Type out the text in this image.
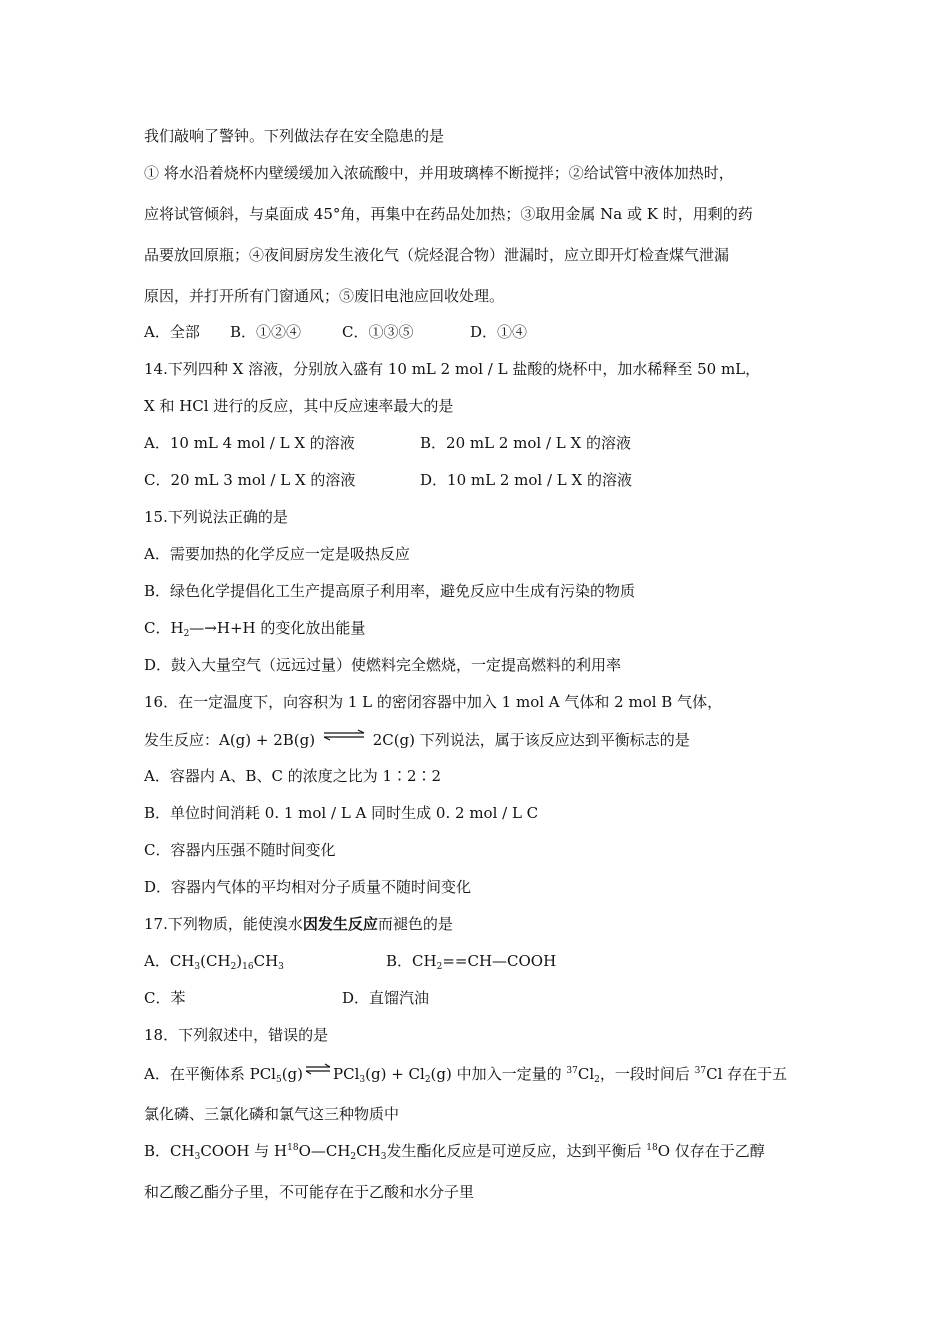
我们敲响了警钟。下列做法存在安全隐患的是
① 将水沿着烧杯内壁缓缓加入浓硫酸中，并用玻璃棒不断搅拌；②给试管中液体加热时，
应将试管倾斜，与桌面成 45°角，再集中在药品处加热；③取用金属 Na 或 K 时，用剩的药
品要放回原瓶；④夜间厨房发生液化气（烷烃混合物）泄漏时，应立即开灯检查煤气泄漏
原因，并打开所有门窗通风；⑤废旧电池应回收处理。
A．全部 B．①②④	C．①③⑤	D．①④
14.下列四种 X 溶液，分别放入盛有 10 mL 2 mol / L 盐酸的烧杯中，加水稀释至 50 mL，
X 和 HCl 进行的反应，其中反应速率最大的是
A．10 mL 4 mol / L X 的溶液	B．20 mL 2 mol / L X 的溶液
C．20 mL 3 mol / L X 的溶液	D．10 mL 2 mol / L X 的溶液
15.下列说法正确的是
A．需要加热的化学反应一定是吸热反应
B．绿色化学提倡化工生产提高原子利用率，避免反应中生成有污染的物质
C．$H_2—\to H+H$ 的变化放出能量
D．鼓入大量空气（远远过量）使燃料完全燃烧，一定提高燃料的利用率
16．在一定温度下，向容积为 1 L 的密闭容器中加入 1 mol A 气体和 2 mol B 气体，
发生反应：A(g) + 2B(g) ⇌ 2C(g) 下列说法，属于该反应达到平衡标志的是
A．容器内 A、B、C 的浓度之比为 1∶2∶2
B．单位时间消耗 0. 1 mol / L A 同时生成 0. 2 mol / L C
C．容器内压强不随时间变化
D．容器内气体的平均相对分子质量不随时间变化
17.下列物质，能使溴水因发生反应而褪色的是
A．$CH_3(CH_2)_{16}CH_3$	B．$CH_2==CH—COOH$
C．苯	D．直馏汽油
18．下列叙述中，错误的是
A．在平衡体系 PCl$_5$(g) ⇌ $PCl_3(g) + Cl_2(g)$ 中加入一定量的 $^{37}Cl_2$，一段时间后 $^{37}$Cl 存在于五
氯化磷、三氯化磷和氯气这三种物质中
B．$CH_3COOH$ 与 $H^{18}O—CH_2CH_3$发生酯化反应是可逆反应，达到平衡后 $^{18}$O 仅存在于乙醇
和乙酸乙酯分子里，不可能存在于乙酸和水分子里
